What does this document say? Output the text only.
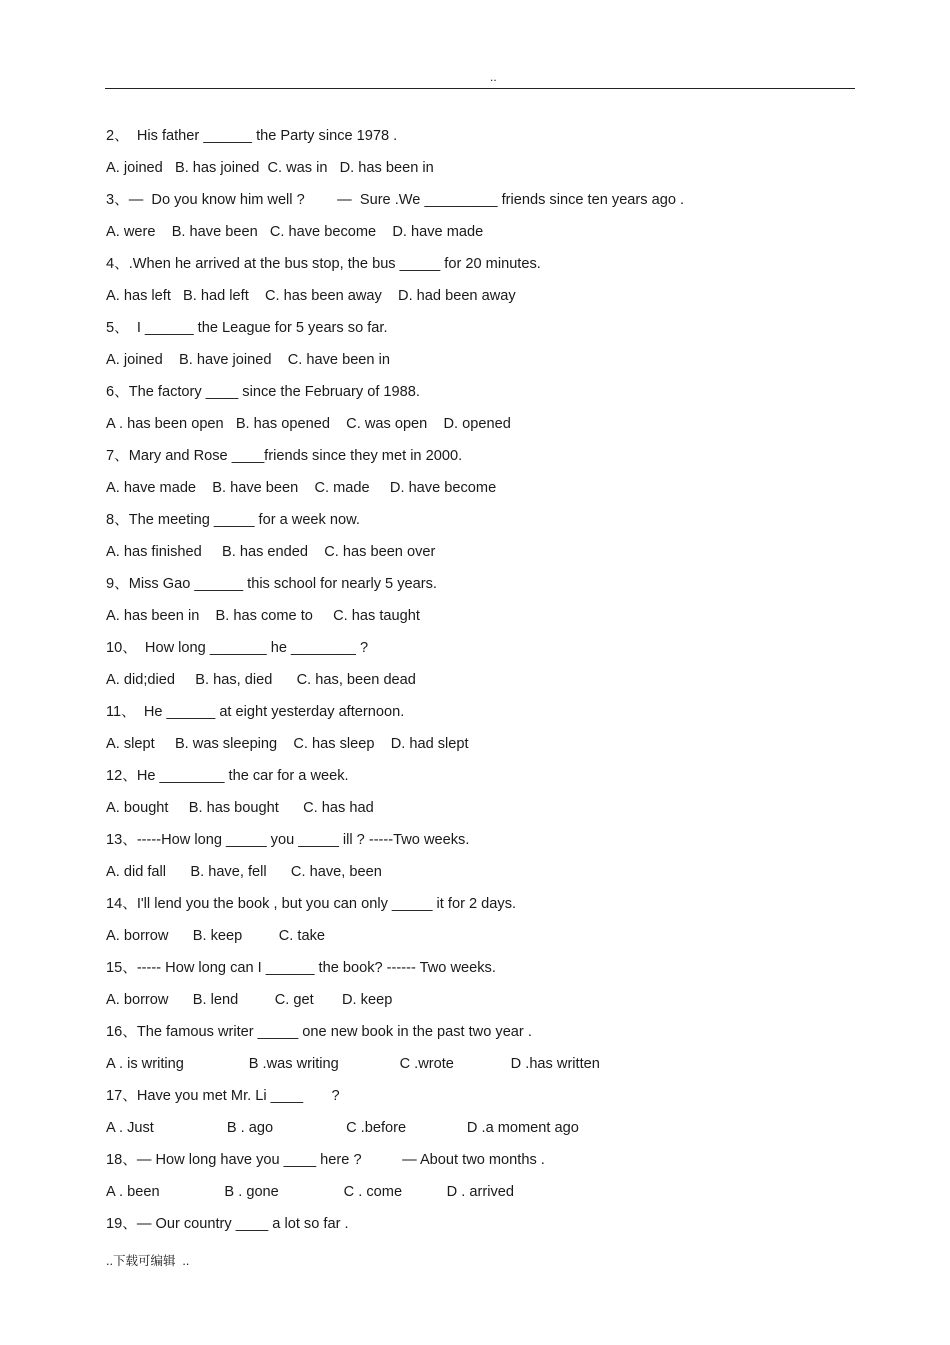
..
2、  His father ______ the Party since 1978 .
A. joined   B. has joined  C. was in   D. has been in
3、—  Do you know him well ?        —  Sure .We _________ friends since ten years ago .
A. were    B. have been   C. have become    D. have made
4、.When he arrived at the bus stop, the bus _____ for 20 minutes.
A. has left   B. had left    C. has been away    D. had been away
5、  I ______ the League for 5 years so far.
A. joined    B. have joined    C. have been in
6、The factory ____ since the February of 1988.
A . has been open   B. has opened    C. was open    D. opened
7、Mary and Rose ____friends since they met in 2000.
A. have made    B. have been    C. made     D. have become
8、The meeting _____ for a week now.
A. has finished     B. has ended    C. has been over
9、Miss Gao ______ this school for nearly 5 years.
A. has been in    B. has come to     C. has taught
10、  How long _______ he ________ ?
A. did;died     B. has, died      C. has, been dead
11、  He ______ at eight yesterday afternoon.
A. slept     B. was sleeping    C. has sleep    D. had slept
12、He ________ the car for a week.
A. bought     B. has bought      C. has had
13、-----How long _____ you _____ ill ? -----Two weeks.
A. did fall      B. have, fell      C. have, been
14、I'll lend you the book , but you can only _____ it for 2 days.
A. borrow      B. keep         C. take
15、----- How long can I ______ the book? ------ Two weeks.
A. borrow      B. lend         C. get       D. keep
16、The famous writer _____ one new book in the past two year .
A . is writing                B .was writing               C .wrote              D .has written
17、Have you met Mr. Li ____       ?
A . Just                  B . ago                  C .before               D .a moment ago
18、— How long have you ____ here ?          — About two months .
A . been                B . gone                C . come           D . arrived
19、— Our country ____ a lot so far .
..下载可编辑  ..
